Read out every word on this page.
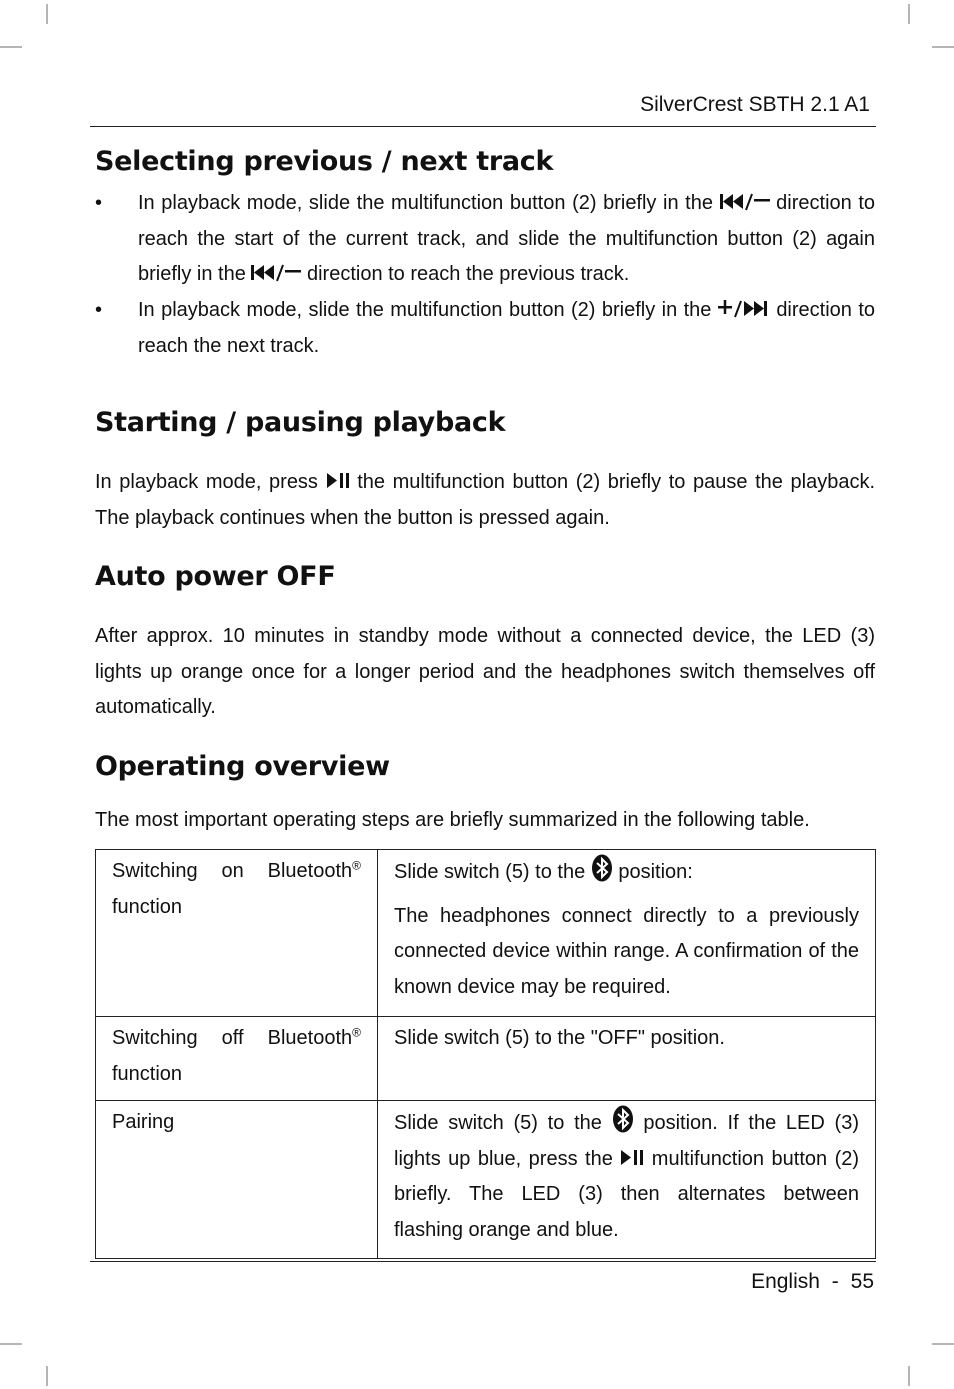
SilverCrest SBTH 2.1 A1
Selecting previous / next track
• In playback mode, slide the multifunction button (2) briefly in the	direction to reach the start of the current track, and slide the multifunction button (2) again briefly in the	direction to reach the previous track.

• In playback mode, slide the multifunction button (2) briefly in the	direction to reach the next track.

Starting / pausing playback

In playback mode, press the multifunction button (2) briefly to pause the playback. The playback continues when the button is pressed again.

Auto power OFF

After approx. 10 minutes in standby mode without a connected device, the LED (3) lights up orange once for a longer period and the headphones switch themselves off automatically.

Operating overview

The most important operating steps are briefly summarized in the following table.

Switching on Bluetooth® function	Slide switch (5) to the position:

The headphones connect directly to a previously connected device within range. A confirmation of the known device may be required.

Switching off Bluetooth® function	Slide switch (5) to the "OFF" position.

Pairing	Slide switch (5) to the position. If the LED (3) lights up blue, press the multifunction button (2) briefly. The LED (3) then alternates between flashing orange and blue.

English - 55
